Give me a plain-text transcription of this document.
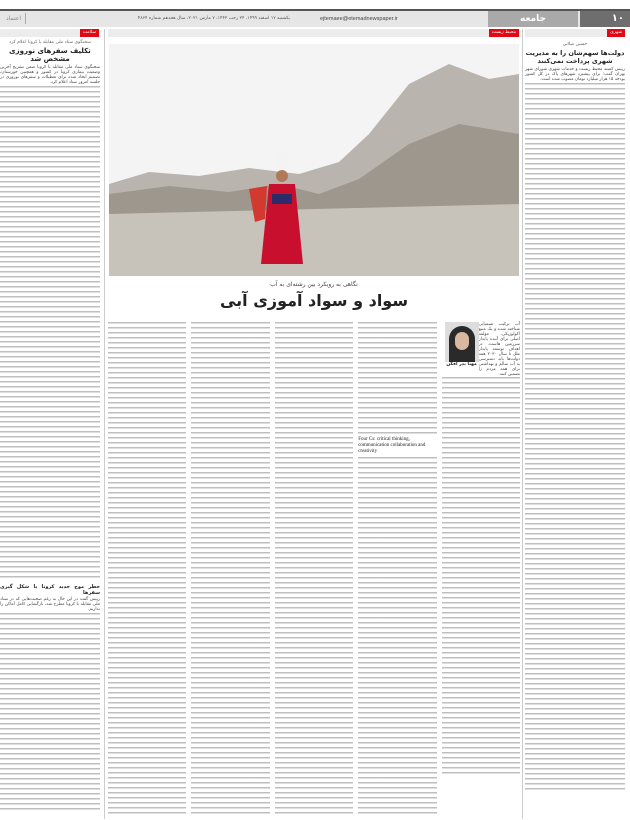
۱۰
جامعه
ejtemaee@etemadnewspaper.ir
یکشنبه ۱۷ اسفند ۱۴۹۹، ۲۴ رجب ۱۴۴۲، ۷ مارس ۲۰۲۱، سال هجدهم شماره ۴۸۶۴
اعتماد
سلامت
سخنگوی ستاد ملی مقابله با کرونا اعلام کرد
تکلیف سفرهای نوروزی مشخص شد
سخنگوی ستاد ملی مقابله با کرونا ضمن تشریح آخرین وضعیت بیماری کرونا در کشور و همچنین خوزستان، تصمیم اتخاذ شده برای تعطیلات و سفرهای نوروزی در جلسه امروز ستاد اعلام کرد.
خطر موج جدید کرونا با شکل گیری سفرها
رییس گفت در این حال به رغم صحبت‌هایی که در ستاد ملی مقابله با کرونا مطرح شد، بازگشایی کامل اماکن را نداریم.
محیط زیست
نگاهی به رویکرد بین رشته‌ای به آب
سواد و سواد آموزی آبی
مهنا بدر افکن
آب ترکیب شیمیایی شناخته شده و یک منبع اکولوژیکی، مؤلفه اصلی برای آینده پایدار سرزمین هاست. در اهداف توسعه پایدار ملل تا سال ۲۰۳۰ همه دولت‌ها باید دسترسی به آب سالم و بهداشتی برای همه مردم را تضمین کنند.
Four Cs: critical thinking, communication collaboration and creativity
شهری
حسین میلانی
دولت‌ها سهم‌شان را به مدیریت شهری پرداخت نمی‌کنند
رییس کمیته محیط زیست و خدمات شهری شورای شهر تهران گفت: برای پیشبرد شهرهای پاک در کل کشور بودجه ۱۵ هزار میلیارد تومان مصوب شده است.
